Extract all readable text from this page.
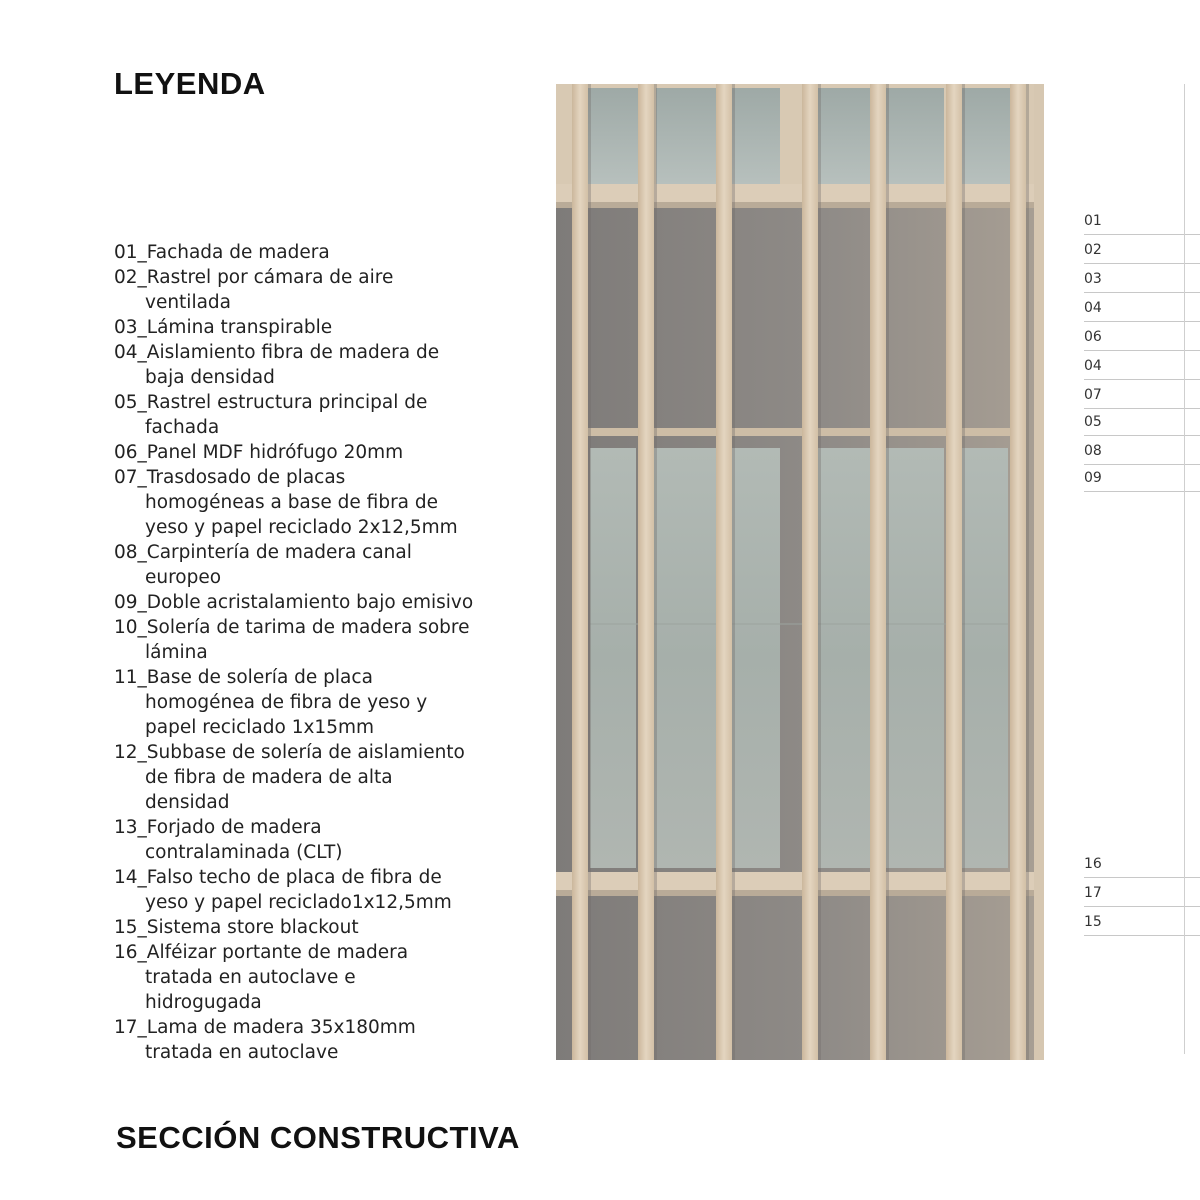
LEYENDA
01_Fachada de madera
02_Rastrel por cámara de aire
ventilada
03_Lámina transpirable
04_Aislamiento fibra de madera de
baja densidad
05_Rastrel estructura principal de
fachada
06_Panel MDF hidrófugo 20mm
07_Trasdosado de placas
homogéneas a base de fibra de
yeso y papel reciclado 2x12,5mm
08_Carpintería de madera canal
europeo
09_Doble acristalamiento bajo emisivo
10_Solería de tarima de madera sobre
lámina
11_Base de solería de placa
homogénea de fibra de yeso y
papel reciclado 1x15mm
12_Subbase de solería de aislamiento
de fibra de madera de alta
densidad
13_Forjado de madera
contralaminada (CLT)
14_Falso techo de placa de fibra de
yeso y papel reciclado1x12,5mm
15_Sistema store blackout
16_Alféizar portante de madera
tratada en autoclave e
hidrogugada
17_Lama de madera 35x180mm
tratada en autoclave
SECCIÓN CONSTRUCTIVA
01
02
03
04
06
04
07
05
08
09
16
17
15
